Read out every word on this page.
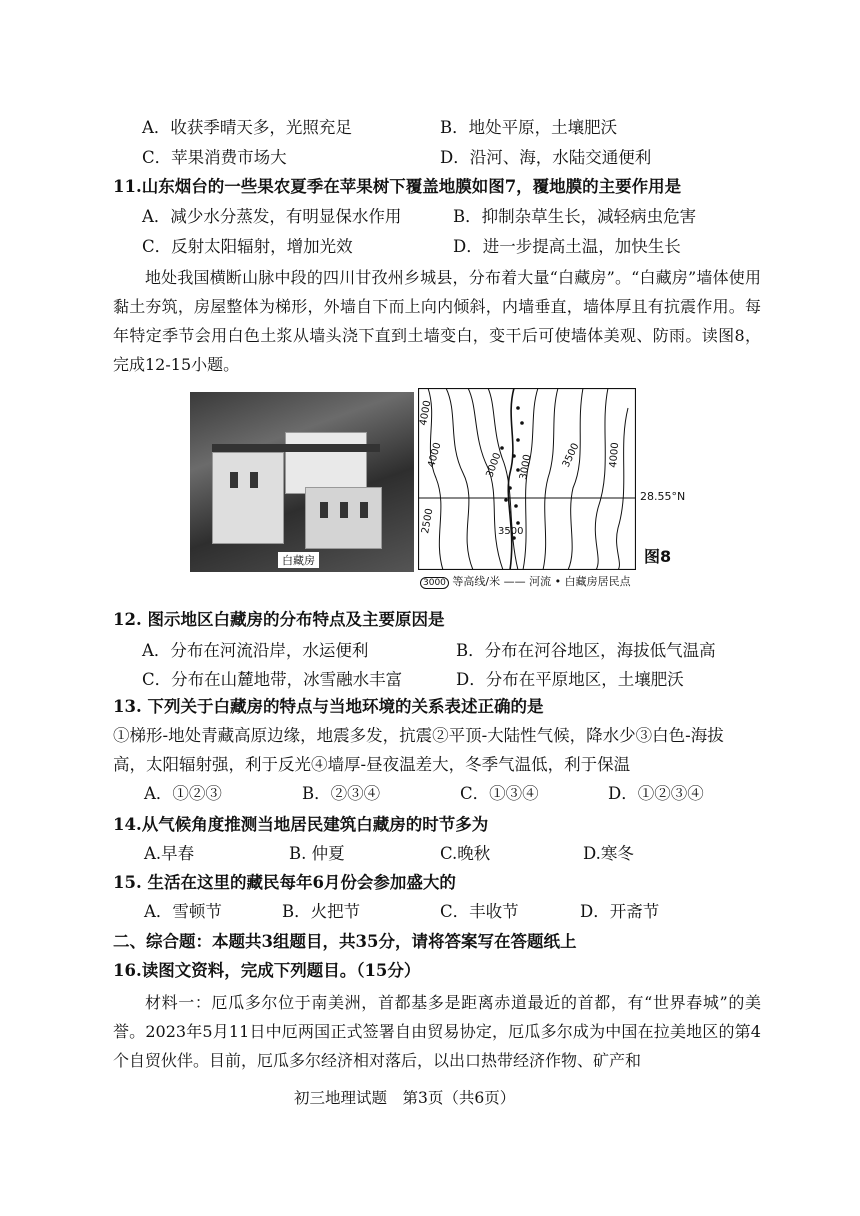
A．收获季晴天多，光照充足	B．地处平原，土壤肥沃
C．苹果消费市场大	D．沿河、海，水陆交通便利
11.山东烟台的一些果农夏季在苹果树下覆盖地膜如图7，覆地膜的主要作用是
A．减少水分蒸发，有明显保水作用	B．抑制杂草生长，减轻病虫危害
C．反射太阳辐射，增加光效	D．进一步提高土温，加快生长
地处我国横断山脉中段的四川甘孜州乡城县，分布着大量“白藏房”。“白藏房”墙体使用黏土夯筑，房屋整体为梯形，外墙自下而上向内倾斜，内墙垂直，墙体厚且有抗震作用。每年特定季节会用白色土浆从墙头浇下直到土墙变白，变干后可使墙体美观、防雨。读图8，完成12-15小题。
白藏房
4000
4000	3000 3000	3500	4000
2500	3500
28.55°N
图8
3000 等高线/米 —— 河流 • 白藏房居民点
12. 图示地区白藏房的分布特点及主要原因是
A．分布在河流沿岸，水运便利	B．分布在河谷地区，海拔低气温高
C．分布在山麓地带，冰雪融水丰富	D．分布在平原地区，土壤肥沃
13. 下列关于白藏房的特点与当地环境的关系表述正确的是
①梯形-地处青藏高原边缘，地震多发，抗震②平顶-大陆性气候，降水少③白色-海拔
高，太阳辐射强，利于反光④墙厚-昼夜温差大，冬季气温低，利于保温
A．①②③	B．②③④	C．①③④	D．①②③④
14.从气候角度推测当地居民建筑白藏房的时节多为
A.早春	B. 仲夏	C.晚秋	D.寒冬
15. 生活在这里的藏民每年6月份会参加盛大的
A．雪顿节	B．火把节	C．丰收节	D．开斋节
二、综合题：本题共3组题目，共35分，请将答案写在答题纸上
16.读图文资料，完成下列题目。（15分）
材料一：厄瓜多尔位于南美洲，首都基多是距离赤道最近的首都，有“世界春城”的美誉。2023年5月11日中厄两国正式签署自由贸易协定，厄瓜多尔成为中国在拉美地区的第4个自贸伙伴。目前，厄瓜多尔经济相对落后，以出口热带经济作物、矿产和
初三地理试题　第3页（共6页）
